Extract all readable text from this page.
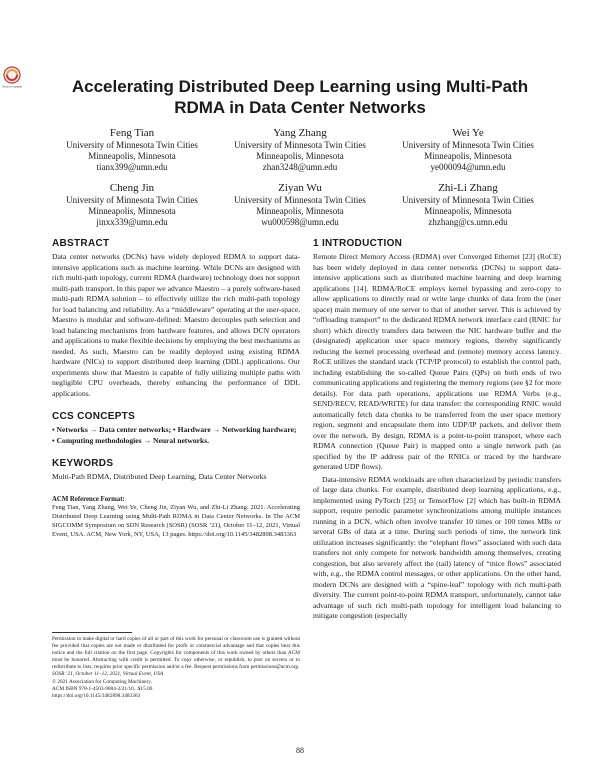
Check for updates	Accelerating Distributed Deep Learning using Multi-Path RDMA in Data Center Networks
Feng Tian
University of Minnesota Twin Cities
Minneapolis, Minnesota
tianx399@umn.edu
Yang Zhang
University of Minnesota Twin Cities
Minneapolis, Minnesota
zhan3248@umn.edu
Wei Ye
University of Minnesota Twin Cities
Minneapolis, Minnesota
ye000094@umn.edu
Cheng Jin
University of Minnesota Twin Cities
Minneapolis, Minnesota
jinxx339@umn.edu
Ziyan Wu
University of Minnesota Twin Cities
Minneapolis, Minnesota
wu000598@umn.edu
Zhi-Li Zhang
University of Minnesota Twin Cities
Minneapolis, Minnesota
zhzhang@cs.umn.edu
ABSTRACT

Data center networks (DCNs) have widely deployed RDMA to support data-intensive applications such as machine learning. While DCNs are designed with rich multi-path topology, current RDMA (hardware) technology does not support multi-path transport. In this paper we advance Maestro – a purely software-based multi-path RDMA solution – to effectively utilize the rich multi-path topology for load balancing and reliability. As a “middleware” operating at the user-space, Maestro is modular and software-defined: Maestro decouples path selection and load balancing mechanisms from hardware features, and allows DCN operators and applications to make flexible decisions by employing the best mechanisms as needed. As such, Maestro can be readily deployed using existing RDMA hardware (NICs) to support distributed deep learning (DDL) applications. Our experiments show that Maestro is capable of fully utilizing multiple paths with negligible CPU overheads, thereby enhancing the performance of DDL applications.

CCS CONCEPTS

• Networks → Data center networks; • Hardware → Networking hardware; • Computing methodologies → Neural networks.

KEYWORDS

Multi-Path RDMA, Distributed Deep Learning, Data Center Networks

ACM Reference Format:

Feng Tian, Yang Zhang, Wei Ye, Cheng Jin, Ziyan Wu, and Zhi-Li Zhang. 2021. Accelerating Distributed Deep Learning using Multi-Path RDMA in Data Center Networks. In The ACM SIGCOMM Symposium on SDN Research (SOSR) (SOSR ’21), October 11–12, 2021, Virtual Event, USA. ACM, New York, NY, USA, 13 pages. https://doi.org/10.1145/3482898.3483363

Permission to make digital or hard copies of all or part of this work for personal or classroom use is granted without fee provided that copies are not made or distributed for profit or commercial advantage and that copies bear this notice and the full citation on the first page. Copyrights for components of this work owned by others than ACM must be honored. Abstracting with credit is permitted. To copy otherwise, or republish, to post on servers or to redistribute to lists, requires prior specific permission and/or a fee. Request permissions from permissions@acm.org.

SOSR ’21, October 11–12, 2021, Virtual Event, USA

© 2021 Association for Computing Machinery.

ACM ISBN 978-1-4503-9084-2/21/10...$15.00

https://doi.org/10.1145/3482898.3483363

1 INTRODUCTION

Remote Direct Memory Access (RDMA) over Converged Ethernet [23] (RoCE) has been widely deployed in data center networks (DCNs) to support data-intensive applications such as distributed machine learning and deep learning applications [14]. RDMA/RoCE employs kernel bypassing and zero-copy to allow applications to directly read or write large chunks of data from the (user space) main memory of one server to that of another server. This is achieved by “offloading transport” to the dedicated RDMA network interface card (RNIC for short) which directly transfers data between the NIC hardware buffer and the (designated) application user space memory regions, thereby significantly reducing the kernel processing overhead and (remote) memory access latency. RoCE utilizes the standard stack (TCP/IP protocol) to establish the control path, including establishing the so-called Queue Pairs (QPs) on both ends of two communicating applications and registering the memory regions (see §2 for more details). For data path operations, applications use RDMA Verbs (e.g., SEND/RECV, READ/WRITE) for data transfer: the corresponding RNIC would automatically fetch data chunks to be transferred from the user space memory region, segment and encapsulate them into UDP/IP packets, and deliver them over the network. By design, RDMA is a point-to-point transport, where each RDMA connection (Queue Pair) is mapped onto a single network path (as specified by the IP address pair of the RNICs or traced by the hardware generated UDP flows).

Data-intensive RDMA workloads are often characterized by periodic transfers of large data chunks. For example, distributed deep learning applications, e.g., implemented using PyTorch [25] or TensorFlow [2] which has built-in RDMA support, require periodic parameter synchronizations among multiple instances running in a DCN, which often involve transfer 10 times or 100 times MBs or several GBs of data at a time. During such periods of time, the network link utilization increases significantly: the “elephant flows” associated with such data transfers not only compete for network bandwidth among themselves, creating congestion, but also severely affect the (tail) latency of “mice flows” associated with, e.g., the RDMA control messages, or other applications. On the other hand, modern DCNs are designed with a “spine-leaf” topology with rich multi-path diversity. The current point-to-point RDMA transport, unfortunately, cannot take advantage of such rich multi-path topology for intelligent load balancing to mitigate congestion (especially

88
